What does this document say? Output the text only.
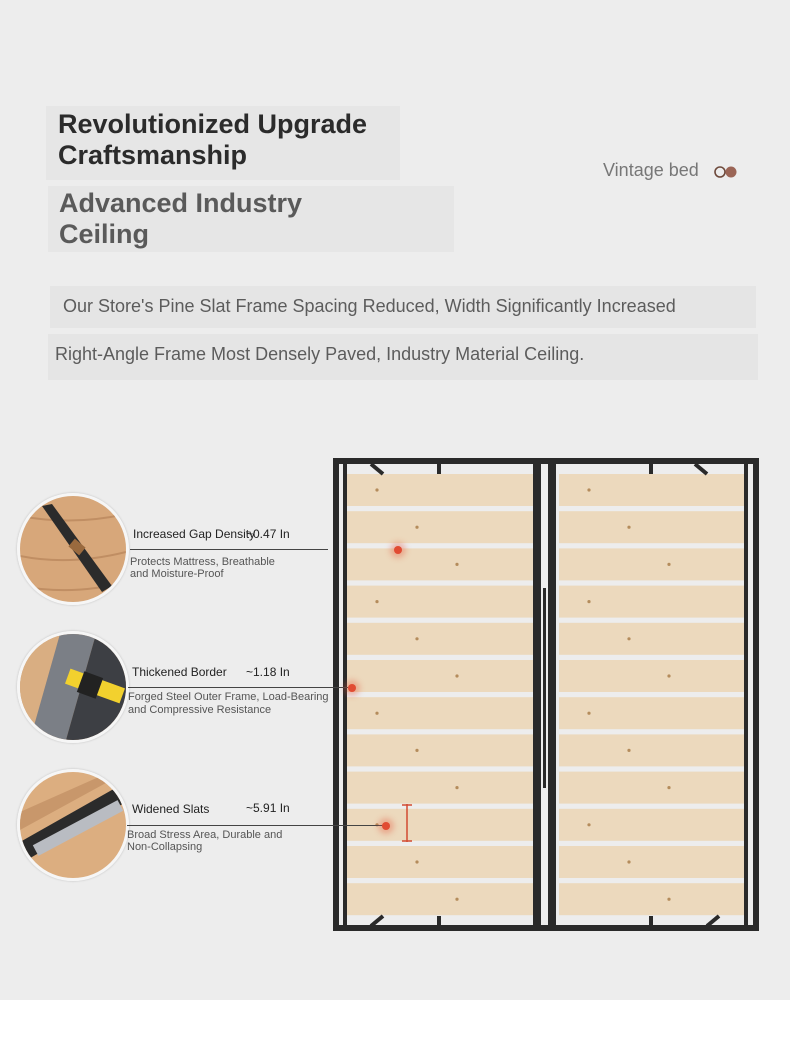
Revolutionized Upgrade
Craftsmanship
Advanced Industry
Ceiling
Vintage bed
Our Store's Pine Slat Frame Spacing Reduced, Width Significantly Increased
Right-Angle Frame Most Densely Paved, Industry Material Ceiling.
Increased Gap Density
~0.47 In
Protects Mattress, Breathable
and Moisture-Proof
Thickened Border ~1.18 In
Forged Steel Outer Frame, Load-Bearing
and Compressive Resistance
Widened Slats	~5.91 In
Broad Stress Area, Durable and
Non-Collapsing
